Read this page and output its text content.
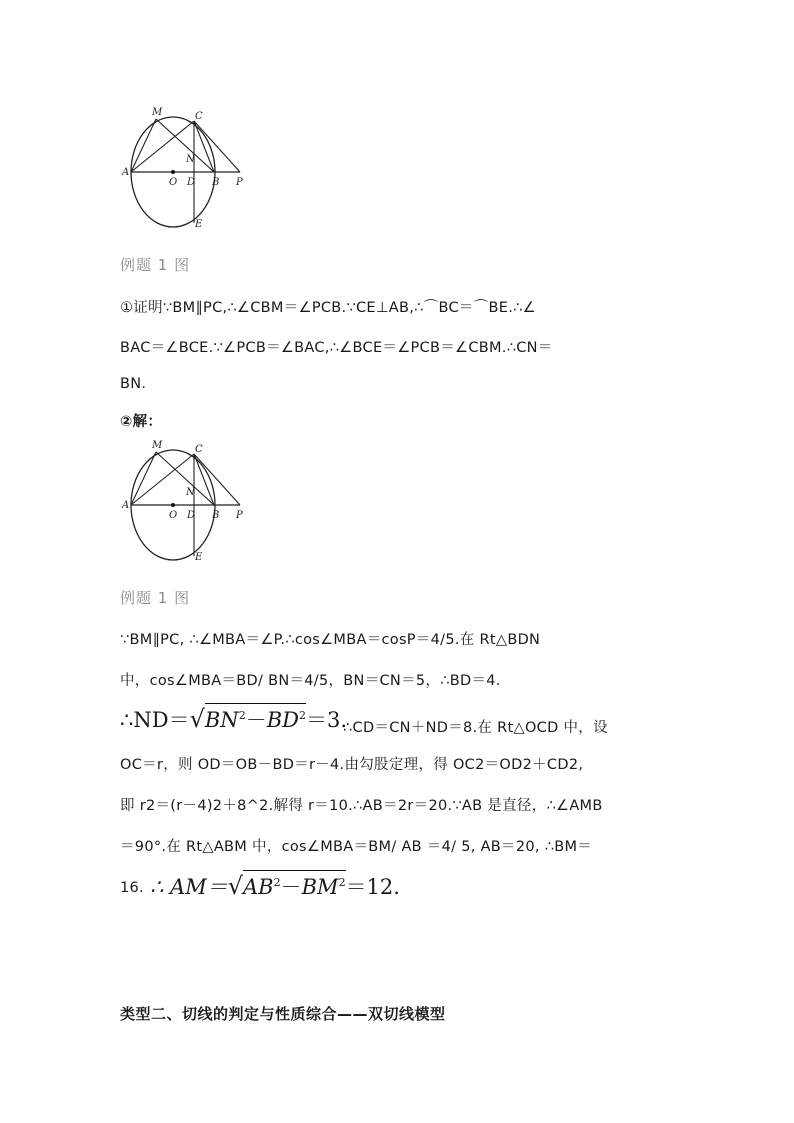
M	C
A
N
O D B P
E
例题 1 图
①证明∵BM∥PC,∴∠CBM＝∠PCB.∵CE⊥AB,∴⌒BC＝⌒BE.∴∠
BAC＝∠BCE.∵∠PCB＝∠BAC,∴∠BCE＝∠PCB＝∠CBM.∴CN＝
BN.
②解：
M	C
A
N
O D B P
E
例题 1 图
∵BM∥PC, ∴∠MBA＝∠P.∴cos∠MBA＝cosP＝4/5.在 Rt△BDN
中，cos∠MBA＝BD/ BN＝4/5，BN＝CN＝5，∴BD＝4.
$\therefore ND=√BN^2-BD^2=3$.
∴CD＝CN＋ND＝8.在 Rt△OCD 中，设
OC＝r，则 OD＝OB－BD＝r－4.由勾股定理，得 OC2＝OD2＋CD2,
即 r2＝(r－4)2＋8^2.解得 r＝10.∴AB＝2r＝20.∵AB 是直径，∴∠AMB
＝90°.在 Rt△ABM 中，cos∠MBA＝BM/ AB ＝4/ 5, AB＝20, ∴BM＝
16. ∴ $AM=√AB^2-BM^2=12$.
类型二、切线的判定与性质综合——双切线模型
